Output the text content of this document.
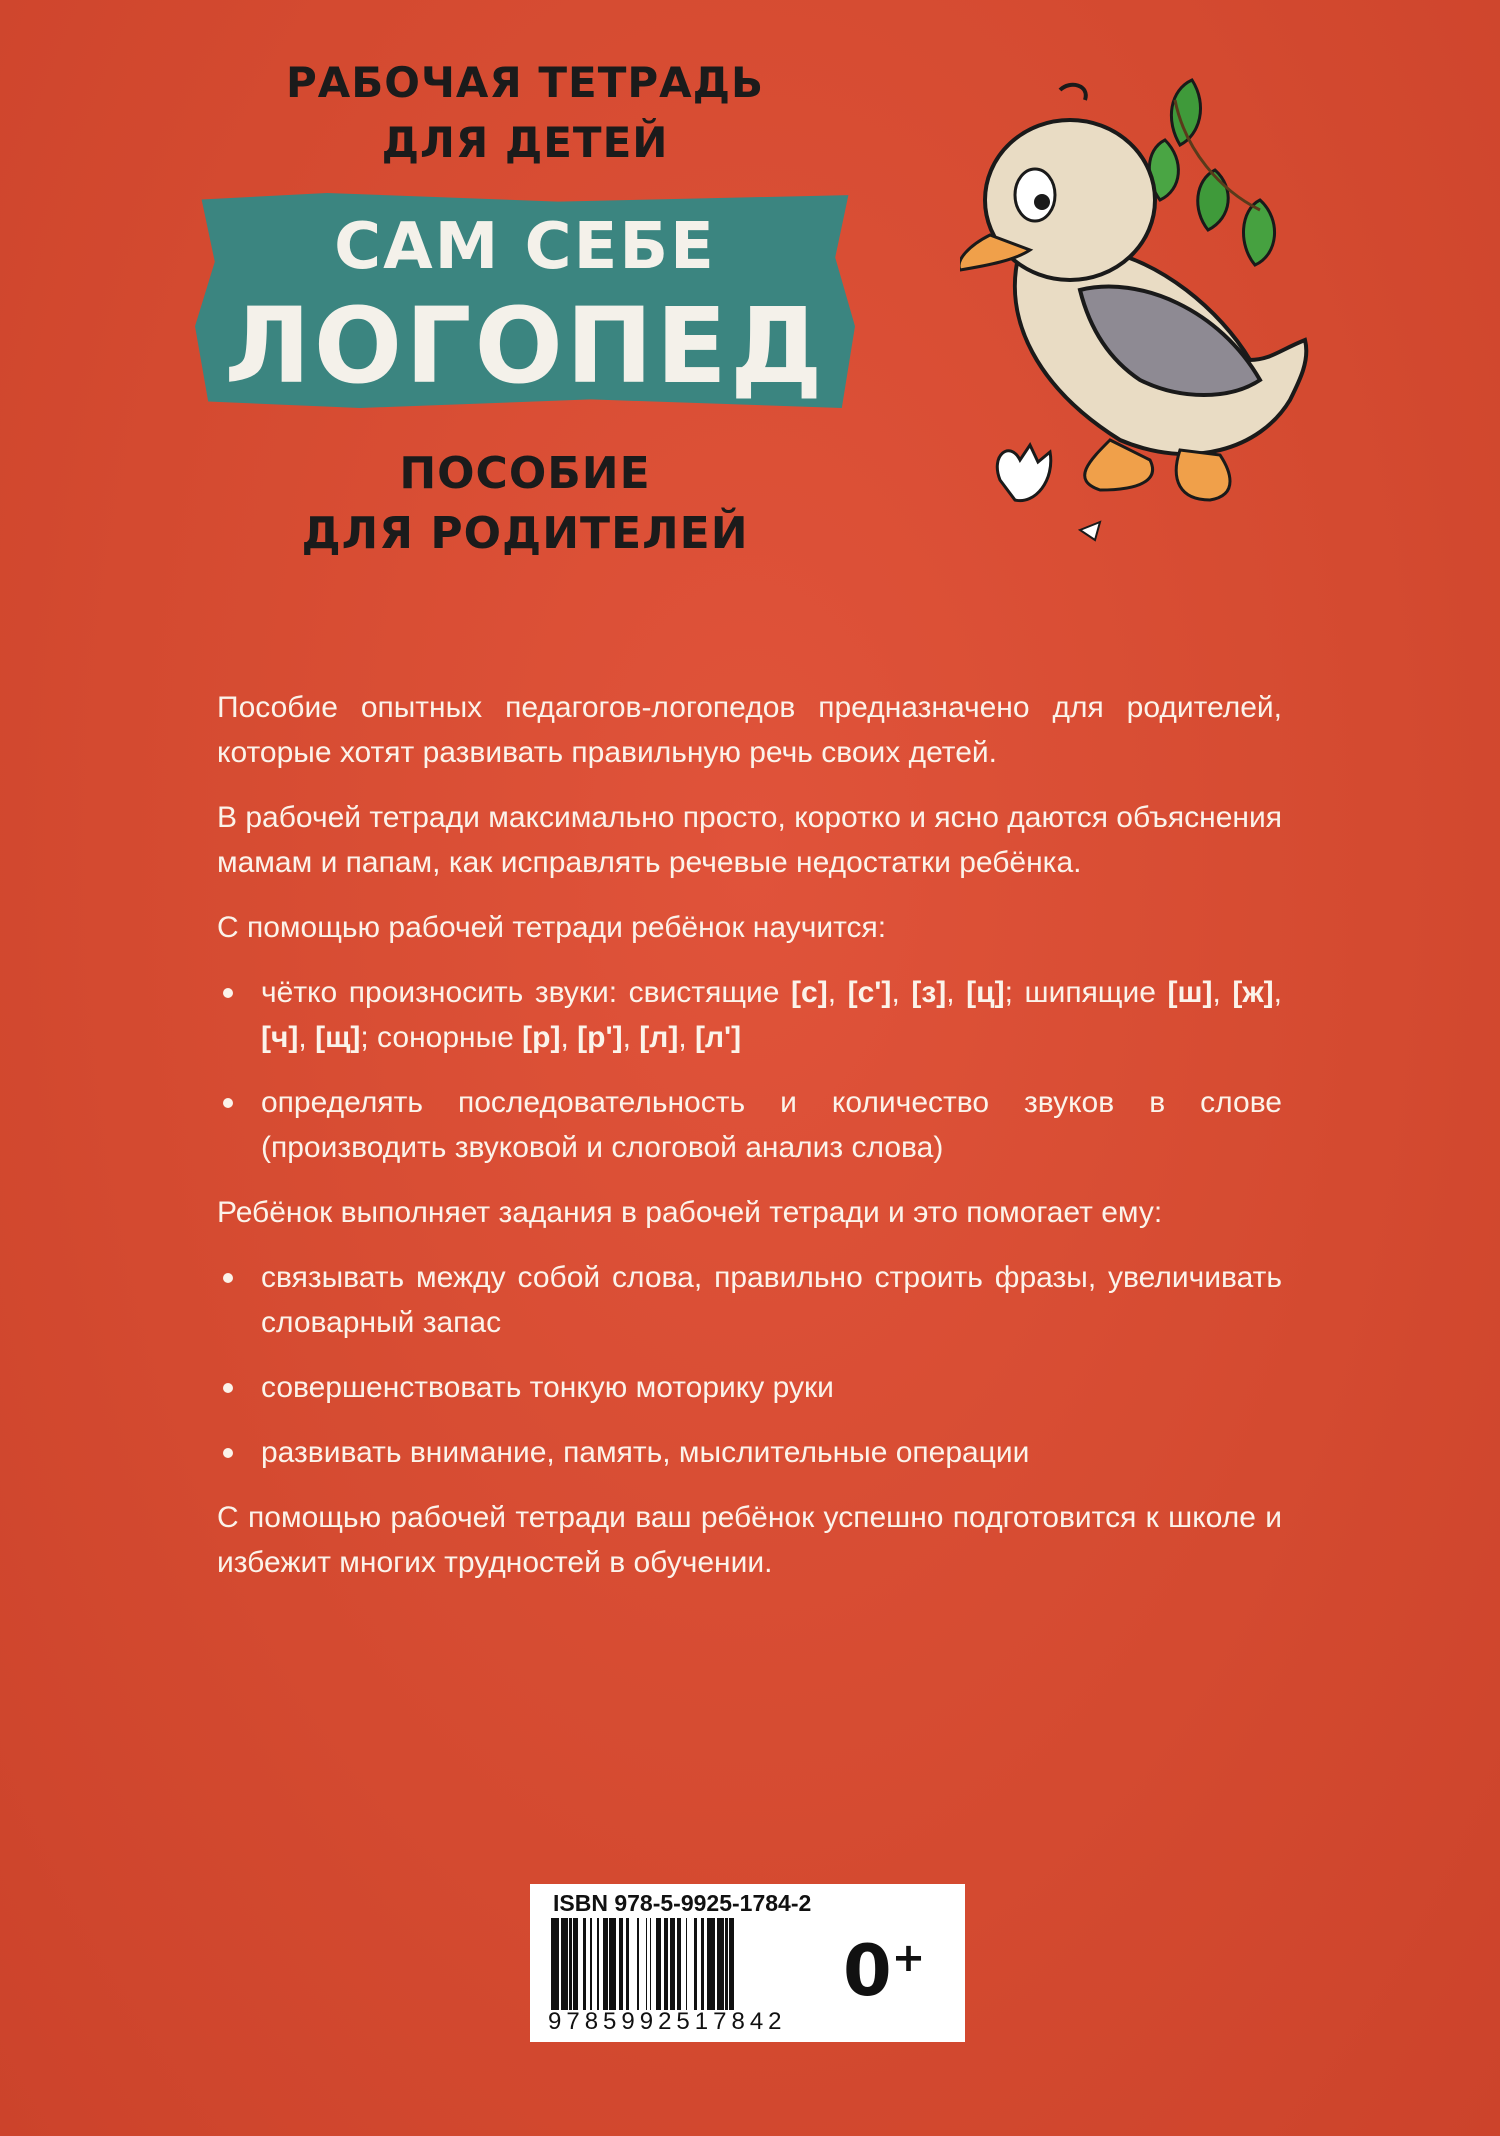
РАБОЧАЯ ТЕТРАДЬ
ДЛЯ ДЕТЕЙ
САМ СЕБЕ
ЛОГОПЕД
ПОСОБИЕ
ДЛЯ РОДИТЕЛЕЙ

Пособие опытных педагогов-логопедов предназначено для родителей, которые хотят развивать правильную речь своих детей.

В рабочей тетради максимально просто, коротко и ясно даются объяснения мамам и папам, как исправлять речевые недостатки ребёнка.

С помощью рабочей тетради ребёнок научится:

чётко произносить звуки: свистящие [с], [с'], [з], [ц]; шипящие [ш], [ж], [ч], [щ]; сонорные [р], [р'], [л], [л']
определять последовательность и количество звуков в слове (производить звуковой и слоговой анализ слова)

Ребёнок выполняет задания в рабочей тетради и это помогает ему:

связывать между собой слова, правильно строить фразы, увеличивать словарный запас
совершенствовать тонкую моторику руки
развивать внимание, память, мыслительные операции

С помощью рабочей тетради ваш ребёнок успешно подготовится к школе и избежит многих трудностей в обучении.

ISBN 978-5-9925-1784-2
9785992517842
0+
